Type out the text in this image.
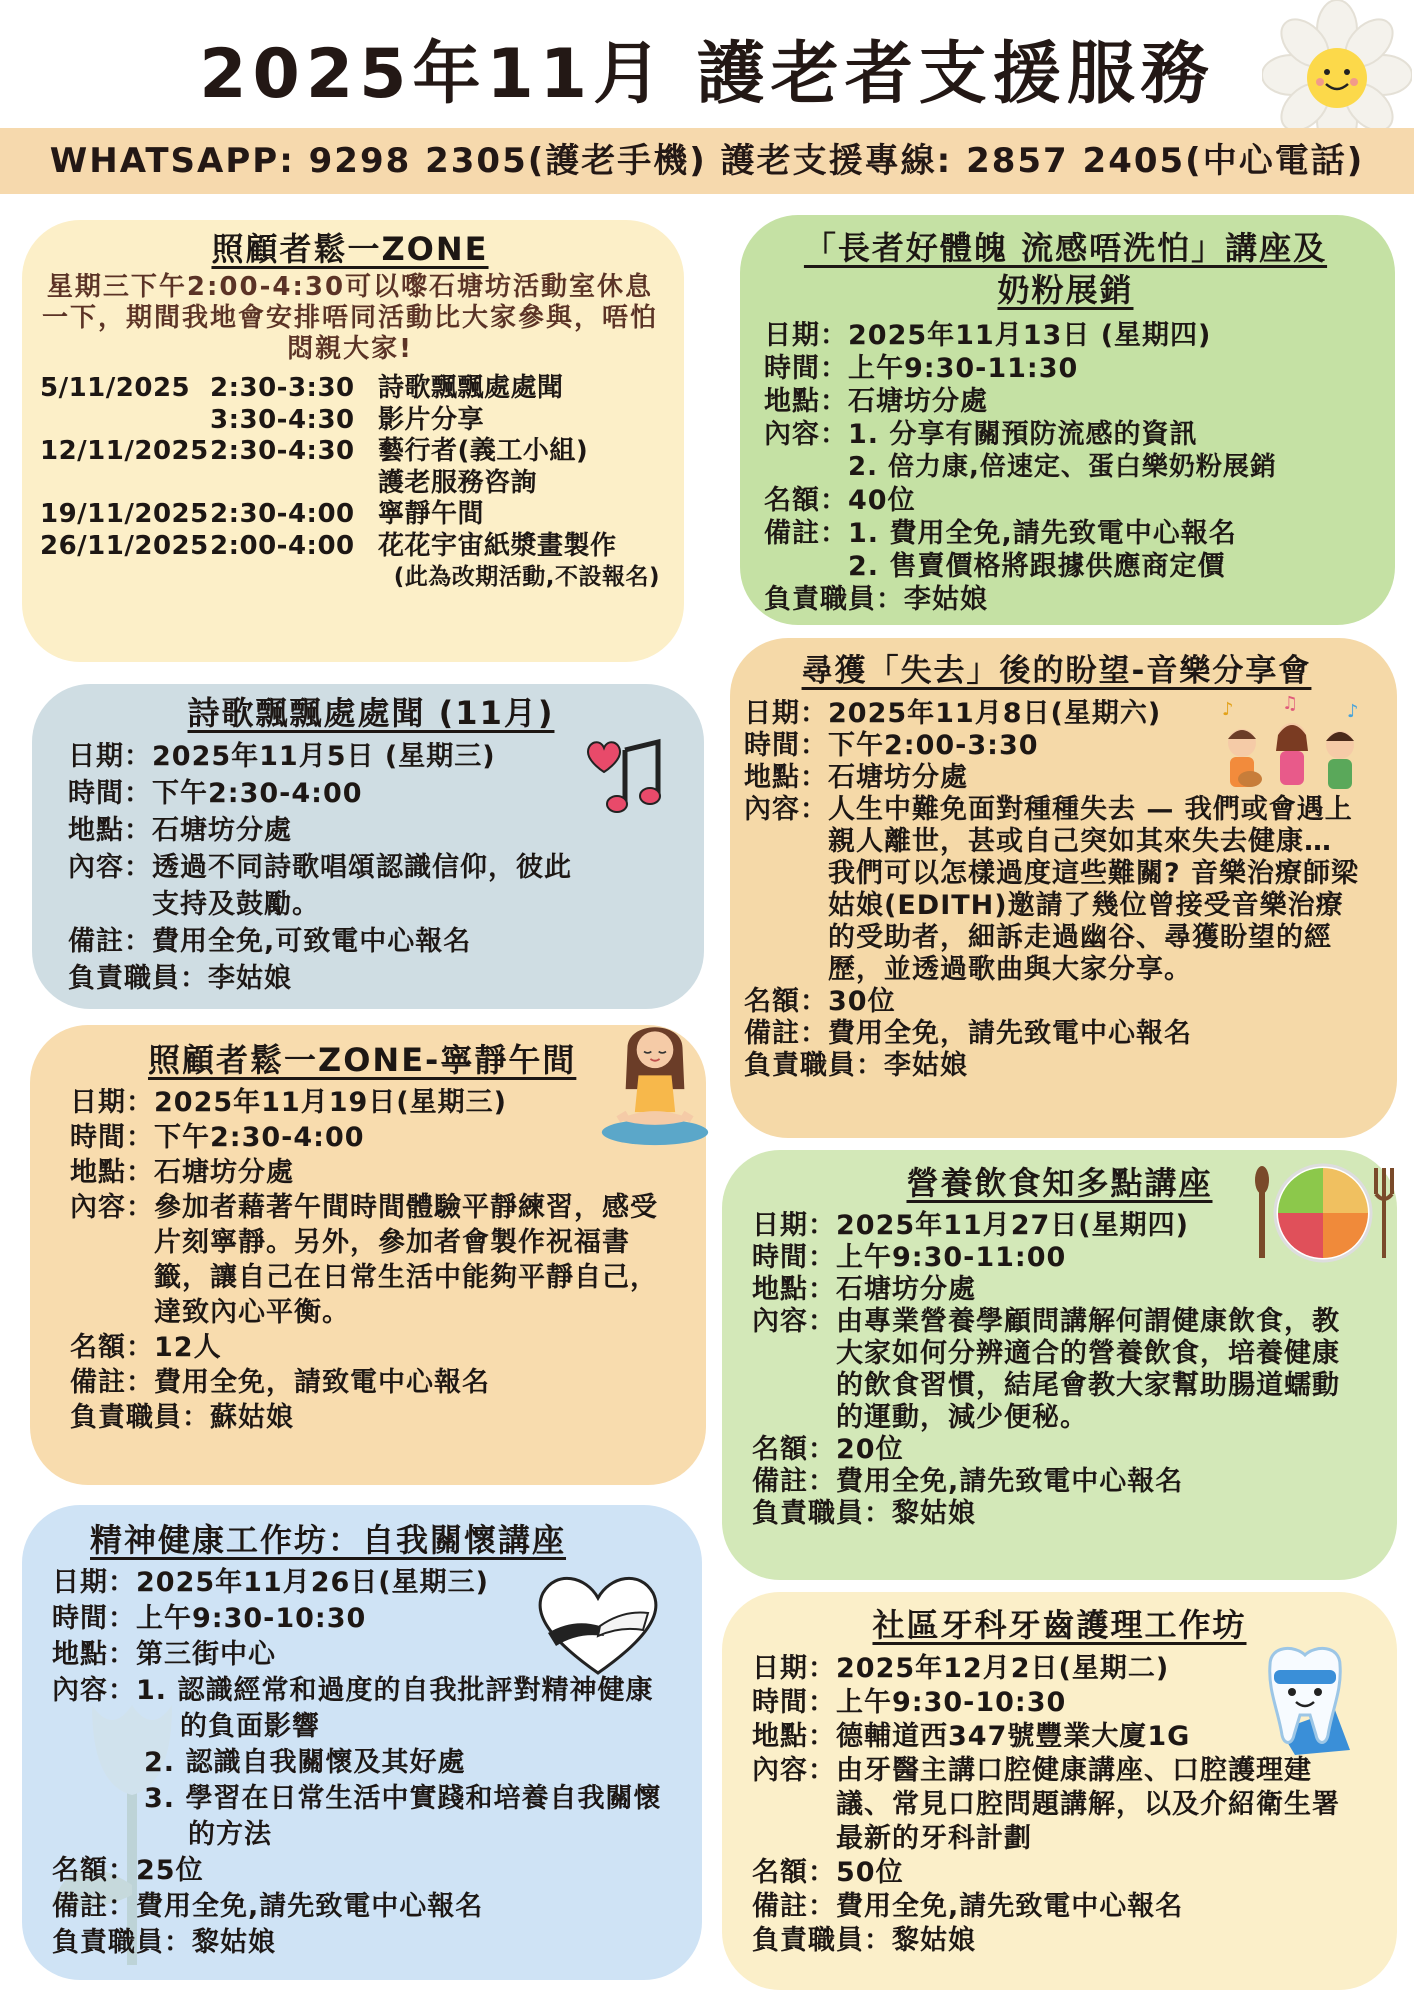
2025年11月 護老者支援服務
WHATSAPP: 9298 2305(護老手機) 護老支援專線: 2857 2405(中心電話)
照顧者鬆一ZONE
星期三下午2:00-4:30可以嚟石塘坊活動室休息一下，期間我地會安排唔同活動比大家參與，唔怕悶親大家!
5/11/2025 2:30-3:30 詩歌飄飄處處聞
3:30-4:30 影片分享
12/11/2025 2:30-4:30 藝行者(義工小組)
護老服務咨詢
19/11/2025 2:30-4:00 寧靜午間
26/11/2025 2:00-4:00 花花宇宙紙漿畫製作
(此為改期活動,不設報名)
詩歌飄飄處處聞 (11月)
日期： 2025年11月5日 (星期三)
時間： 下午2:30-4:00
地點： 石塘坊分處
內容： 透過不同詩歌唱頌認識信仰，彼此支持及鼓勵。
備註： 費用全免,可致電中心報名
負責職員： 李姑娘
照顧者鬆一ZONE-寧靜午間
日期： 2025年11月19日(星期三)
時間： 下午2:30-4:00
地點： 石塘坊分處
內容： 參加者藉著午間時間體驗平靜練習，感受片刻寧靜。另外，參加者會製作祝福書籤，讓自己在日常生活中能夠平靜自己，達致內心平衡。
名額： 12人
備註： 費用全免，請致電中心報名
負責職員： 蘇姑娘
精神健康工作坊：自我關懷講座
日期： 2025年11月26日(星期三)
時間： 上午9:30-10:30
地點： 第三街中心
內容： 1. 認識經常和過度的自我批評對精神健康的負面影響
2. 認識自我關懷及其好處
3. 學習在日常生活中實踐和培養自我關懷的方法
名額： 25位
備註： 費用全免,請先致電中心報名
負責職員： 黎姑娘
「長者好體魄 流感唔洗怕」講座及奶粉展銷
日期： 2025年11月13日 (星期四)
時間： 上午9:30-11:30
地點： 石塘坊分處
內容： 1. 分享有關預防流感的資訊
2. 倍力康,倍速定、蛋白樂奶粉展銷
名額： 40位
備註： 1. 費用全免,請先致電中心報名
2. 售賣價格將跟據供應商定價
負責職員： 李姑娘
尋獲「失去」後的盼望-音樂分享會
日期： 2025年11月8日(星期六)
時間： 下午2:00-3:30
地點： 石塘坊分處
內容： 人生中難免面對種種失去 — 我們或會遇上親人離世，甚或自己突如其來失去健康… 我們可以怎樣過度這些難關? 音樂治療師梁姑娘(EDITH)邀請了幾位曾接受音樂治療的受助者，細訴走過幽谷、尋獲盼望的經歷，並透過歌曲與大家分享。
名額： 30位
備註： 費用全免，請先致電中心報名
負責職員： 李姑娘
♪	♫	♪
營養飲食知多點講座
日期： 2025年11月27日(星期四)
時間： 上午9:30-11:00
地點： 石塘坊分處
內容： 由專業營養學顧問講解何謂健康飲食，教大家如何分辨適合的營養飲食，培養健康的飲食習慣，結尾會教大家幫助腸道蠕動的運動，減少便秘。
名額： 20位
備註： 費用全免,請先致電中心報名
負責職員： 黎姑娘
社區牙科牙齒護理工作坊
日期： 2025年12月2日(星期二)
時間： 上午9:30-10:30
地點： 德輔道西347號豐業大廈1G
內容： 由牙醫主講口腔健康講座、口腔護理建議、常見口腔問題講解，以及介紹衛生署最新的牙科計劃
名額： 50位
備註： 費用全免,請先致電中心報名
負責職員： 黎姑娘
